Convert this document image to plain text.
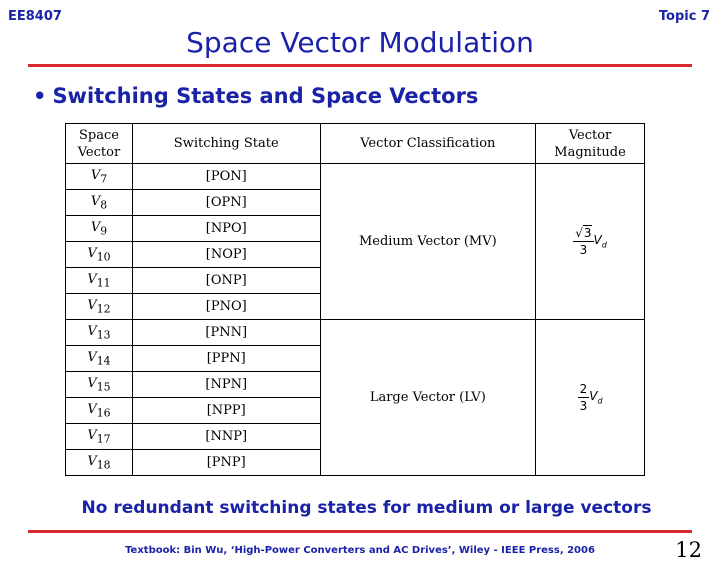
EE8407	Topic 7
Space Vector Modulation
• Switching States and Space Vectors
Space Vector	Switching State	Vector Classification	Vector Magnitude
$V_7$	[PON]	Medium Vector (MV)	$\frac{√3}{3} V_d$
$V_8$	[OPN]		
$V_9$	[NPO]		
$V_{10}$	[NOP]		
$V_{11}$	[ONP]		
$V_{12}$	[PNO]		
$V_{13}$	[PNN]	Large Vector (LV)	$\frac{2}{3} V_d$
$V_{14}$	[PPN]		
$V_{15}$	[NPN]		
$V_{16}$	[NPP]		
$V_{17}$	[NNP]		
$V_{18}$	[PNP]		
No redundant switching states for medium or large vectors
Textbook: Bin Wu, ‘High-Power Converters and AC Drives’, Wiley - IEEE Press, 2006	12
